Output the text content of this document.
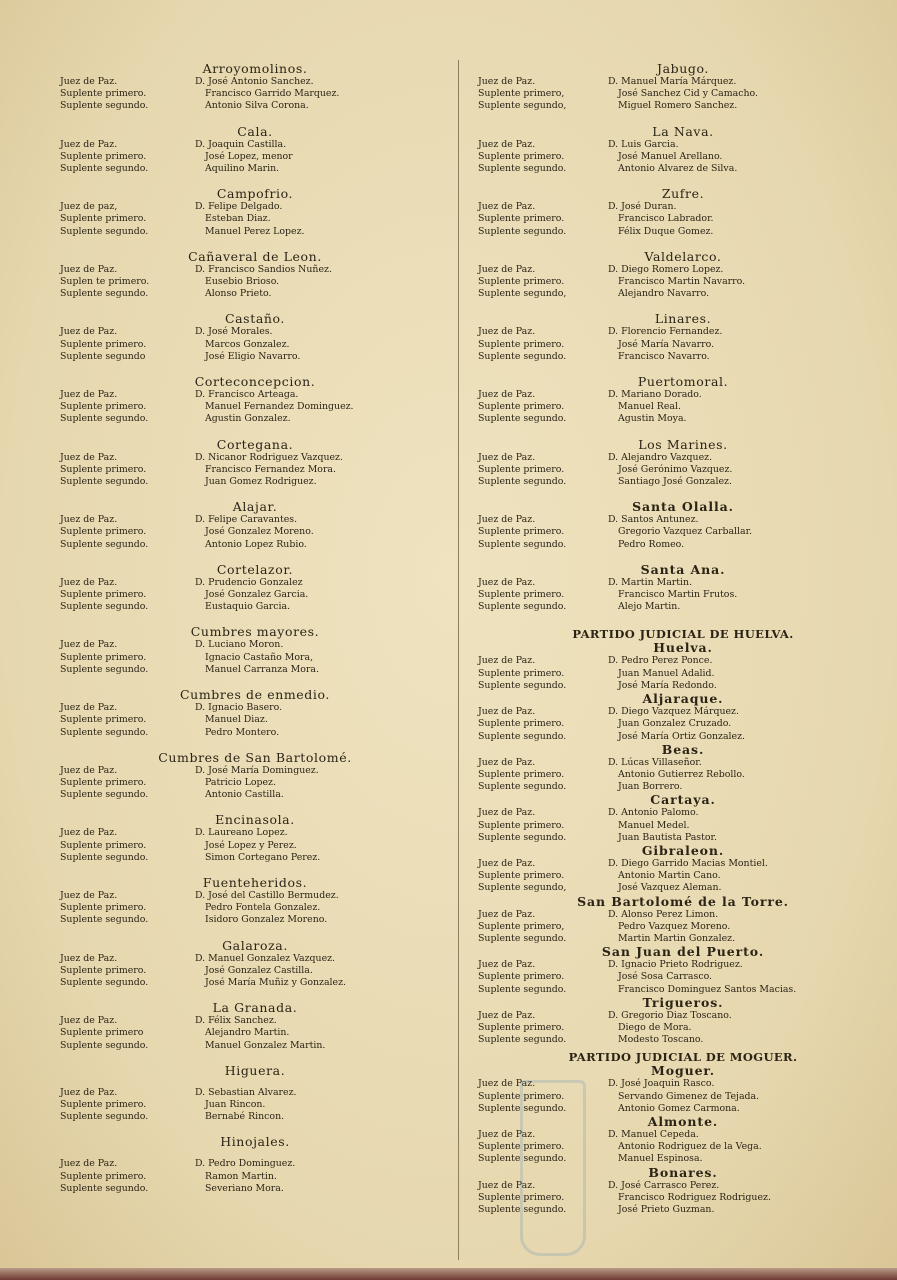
Arroyomolinos.
Juez de Paz.	D. José Antonio Sanchez.
Suplente primero.	Francisco Garrido Marquez.
Suplente segundo.	Antonio Silva Corona.
Cala.
Juez de Paz.	D. Joaquin Castilla.
Suplente primero.	José Lopez, menor
Suplente segundo.	Aquilino Marin.
Campofrio.
Juez de paz,	D. Felipe Delgado.
Suplente primero.	Esteban Diaz.
Suplente segundo.	Manuel Perez Lopez.
Cañaveral de Leon.
Juez de Paz.	D. Francisco Sandios Nuñez.
Suplen te primero.	Eusebio Brioso.
Suplente segundo.	Alonso Prieto.
Castaño.
Juez de Paz.	D. José Morales.
Suplente primero.	Marcos Gonzalez.
Suplente segundo	José Eligio Navarro.
Corteconcepcion.
Juez de Paz.	D. Francisco Arteaga.
Suplente primero.	Manuel Fernandez Dominguez.
Suplente segundo.	Agustin Gonzalez.
Cortegana.
Juez de Paz.	D. Nicanor Rodriguez Vazquez.
Suplente primero.	Francisco Fernandez Mora.
Suplente segundo.	Juan Gomez Rodriguez.
Alajar.
Juez de Paz.	D. Felipe Caravantes.
Suplente primero.	José Gonzalez Moreno.
Suplente segundo.	Antonio Lopez Rubio.
Cortelazor.
Juez de Paz.	D. Prudencio Gonzalez
Suplente primero.	José Gonzalez Garcia.
Suplente segundo.	Eustaquio Garcia.
Cumbres mayores.
Juez de Paz.	D. Luciano Moron.
Suplente primero.	Ignacio Castaño Mora,
Suplente segundo.	Manuel Carranza Mora.
Cumbres de enmedio.
Juez de Paz.	D. Ignacio Basero.
Suplente primero.	Manuel Diaz.
Suplente segundo.	Pedro Montero.
Cumbres de San Bartolomé.
Juez de Paz.	D. José María Dominguez.
Suplente primero.	Patricio Lopez.
Suplente segundo.	Antonio Castilla.
Encinasola.
Juez de Paz.	D. Laureano Lopez.
Suplente primero.	José Lopez y Perez.
Suplente segundo.	Simon Cortegano Perez.
Fuenteheridos.
Juez de Paz.	D. José del Castillo Bermudez.
Suplente primero.	Pedro Fontela Gonzalez.
Suplente segundo.	Isidoro Gonzalez Moreno.
Galaroza.
Juez de Paz.	D. Manuel Gonzalez Vazquez.
Suplente primero.	José Gonzalez Castilla.
Suplente segundo.	José María Muñiz y Gonzalez.
La Granada.
Juez de Paz.	D. Félix Sanchez.
Suplente primero	Alejandro Martin.
Suplente segundo.	Manuel Gonzalez Martin.
Higuera.
Juez de Paz.	D. Sebastian Alvarez.
Suplente primero.	Juan Rincon.
Suplente segundo.	Bernabé Rincon.
Hinojales.
Juez de Paz.	D. Pedro Dominguez.
Suplente primero.	Ramon Martin.
Suplente segundo.	Severiano Mora.
Jabugo.
Juez de Paz.	D. Manuel María Márquez.
Suplente primero,	José Sanchez Cid y Camacho.
Suplente segundo,	Miguel Romero Sanchez.
La Nava.
Juez de Paz.	D. Luis Garcia.
Suplente primero.	José Manuel Arellano.
Suplente segundo.	Antonio Alvarez de Silva.
Zufre.
Juez de Paz.	D. José Duran.
Suplente primero.	Francisco Labrador.
Suplente segundo.	Félix Duque Gomez.
Valdelarco.
Juez de Paz.	D. Diego Romero Lopez.
Suplente primero.	Francisco Martin Navarro.
Suplente segundo,	Alejandro Navarro.
Linares.
Juez de Paz.	D. Florencio Fernandez.
Suplente primero.	José María Navarro.
Suplente segundo.	Francisco Navarro.
Puertomoral.
Juez de Paz.	D. Mariano Dorado.
Suplente primero.	Manuel Real.
Suplente segundo.	Agustin Moya.
Los Marines.
Juez de Paz.	D. Alejandro Vazquez.
Suplente primero.	José Gerónimo Vazquez.
Suplente segundo.	Santiago José Gonzalez.
Santa Olalla.
Juez de Paz.	D. Santos Antunez.
Suplente primero.	Gregorio Vazquez Carballar.
Suplente segundo.	Pedro Romeo.
Santa Ana.
Juez de Paz.	D. Martin Martin.
Suplente primero.	Francisco Martin Frutos.
Suplente segundo.	Alejo Martin.
PARTIDO JUDICIAL DE HUELVA.
Huelva.
Juez de Paz.	D. Pedro Perez Ponce.
Suplente primero.	Juan Manuel Adalid.
Suplente segundo.	José María Redondo.
Aljaraque.
Juez de Paz.	D. Diego Vazquez Márquez.
Suplente primero.	Juan Gonzalez Cruzado.
Suplente segundo.	José María Ortiz Gonzalez.
Beas.
Juez de Paz.	D. Lúcas Villaseñor.
Suplente primero.	Antonio Gutierrez Rebollo.
Suplente segundo.	Juan Borrero.
Cartaya.
Juez de Paz.	D. Antonio Palomo.
Suplente primero.	Manuel Medel.
Suplente segundo.	Juan Bautista Pastor.
Gibraleon.
Juez de Paz.	D. Diego Garrido Macias Montiel.
Suplente primero.	Antonio Martin Cano.
Suplente segundo,	José Vazquez Aleman.
San Bartolomé de la Torre.
Juez de Paz.	D. Alonso Perez Limon.
Suplente primero,	Pedro Vazquez Moreno.
Suplente segundo.	Martin Martin Gonzalez.
San Juan del Puerto.
Juez de Paz.	D. Ignacio Prieto Rodriguez.
Suplente primero.	José Sosa Carrasco.
Suplente segundo.	Francisco Dominguez Santos Macias.
Trigueros.
Juez de Paz.	D. Gregorio Diaz Toscano.
Suplente primero.	Diego de Mora.
Suplente segundo.	Modesto Toscano.
PARTIDO JUDICIAL DE MOGUER.
Moguer.
Juez de Paz.	D. José Joaquin Rasco.
Suplente primero.	Servando Gimenez de Tejada.
Suplente segundo.	Antonio Gomez Carmona.
Almonte.
Juez de Paz.	D. Manuel Cepeda.
Suplente primero.	Antonio Rodriguez de la Vega.
Suplente segundo.	Manuel Espinosa.
Bonares.
Juez de Paz.	D. José Carrasco Perez.
Suplente primero.	Francisco Rodriguez Rodriguez.
Suplente segundo.	José Prieto Guzman.
